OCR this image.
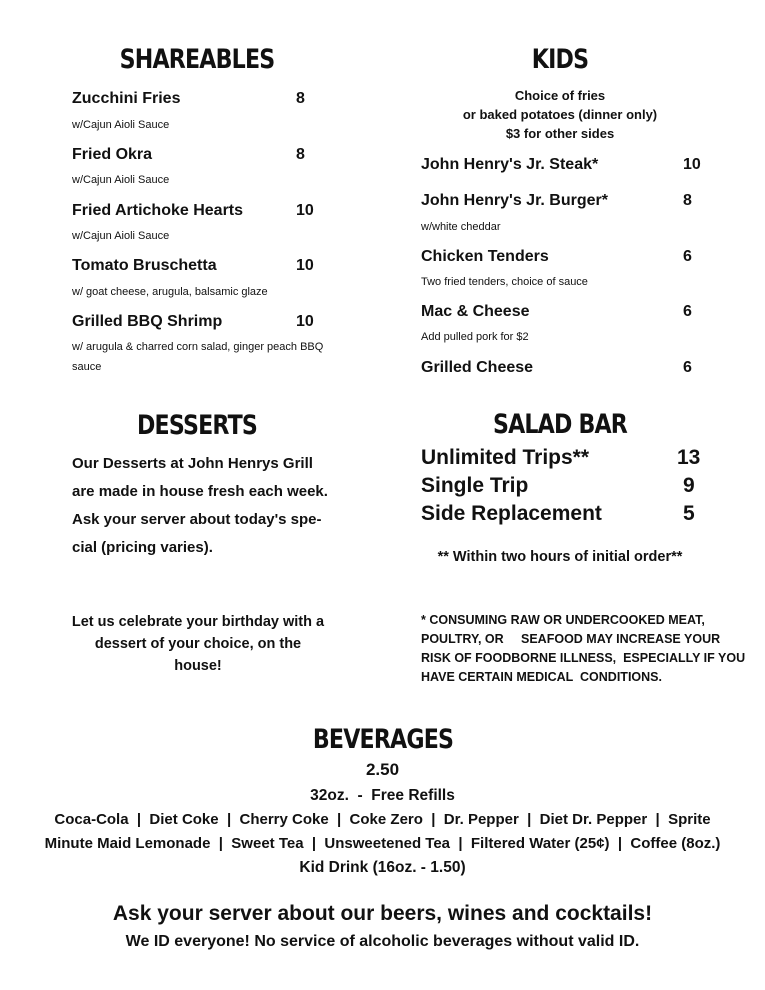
SHAREABLES
Zucchini Fries	8
w/Cajun Aioli Sauce
Fried Okra	8
w/Cajun Aioli Sauce
Fried Artichoke Hearts	10
w/Cajun Aioli Sauce
Tomato Bruschetta	10
w/ goat cheese, arugula, balsamic glaze
Grilled BBQ Shrimp	10
w/ arugula & charred corn salad, ginger peach BBQ
sauce
KIDS
Choice of fries
or baked potatoes (dinner only)
$3 for other sides
John Henry's Jr. Steak*	10
John Henry's Jr. Burger*	8
w/white cheddar
Chicken Tenders	6
Two fried tenders, choice of sauce
Mac & Cheese	6
Add pulled pork for $2
Grilled Cheese	6
DESSERTS
Our Desserts at John Henrys Grill
are made in house fresh each week.
Ask your server about today's spe-
cial (pricing varies).
Let us celebrate your birthday with a
dessert of your choice, on the
house!
SALAD BAR
Unlimited Trips**	13
Single Trip	9
Side Replacement	5
** Within two hours of initial order**
* CONSUMING RAW OR UNDERCOOKED MEAT,
POULTRY, OR     SEAFOOD MAY INCREASE YOUR
RISK OF FOODBORNE ILLNESS,  ESPECIALLY IF YOU
HAVE CERTAIN MEDICAL  CONDITIONS.
BEVERAGES
2.50
32oz.  -  Free Refills
Coca-Cola  |  Diet Coke  |  Cherry Coke  |  Coke Zero  |  Dr. Pepper  |  Diet Dr. Pepper  |  Sprite
Minute Maid Lemonade  |  Sweet Tea  |  Unsweetened Tea  |  Filtered Water (25¢)  |  Coffee (8oz.)
Kid Drink (16oz. - 1.50)
Ask your server about our beers, wines and cocktails!
We ID everyone! No service of alcoholic beverages without valid ID.
